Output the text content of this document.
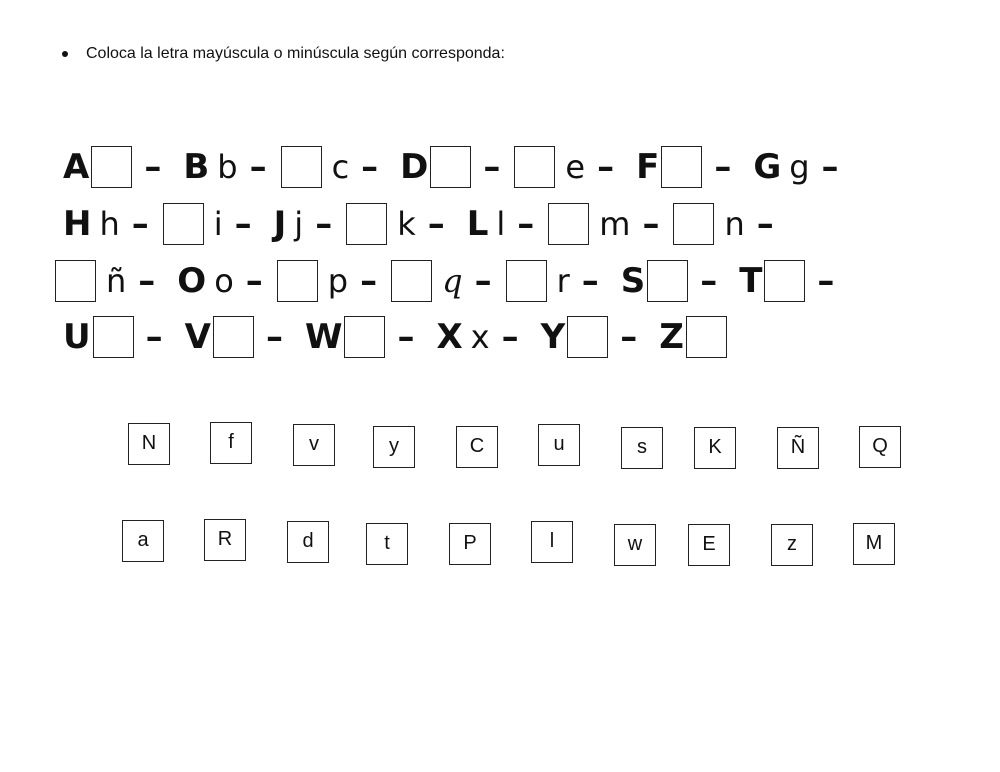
Coloca la letra mayúscula o minúscula según corresponda:
A – B b – c – D – e – F – G g –
H h – i – J j – k – L l – m – n –
ñ – O o – p – q – r – S – T –
U – V – W – X x – Y – Z
N	f	v	y	C	u	s	K	Ñ	Q
a	R	d	t	P	l	w	E	z	M
